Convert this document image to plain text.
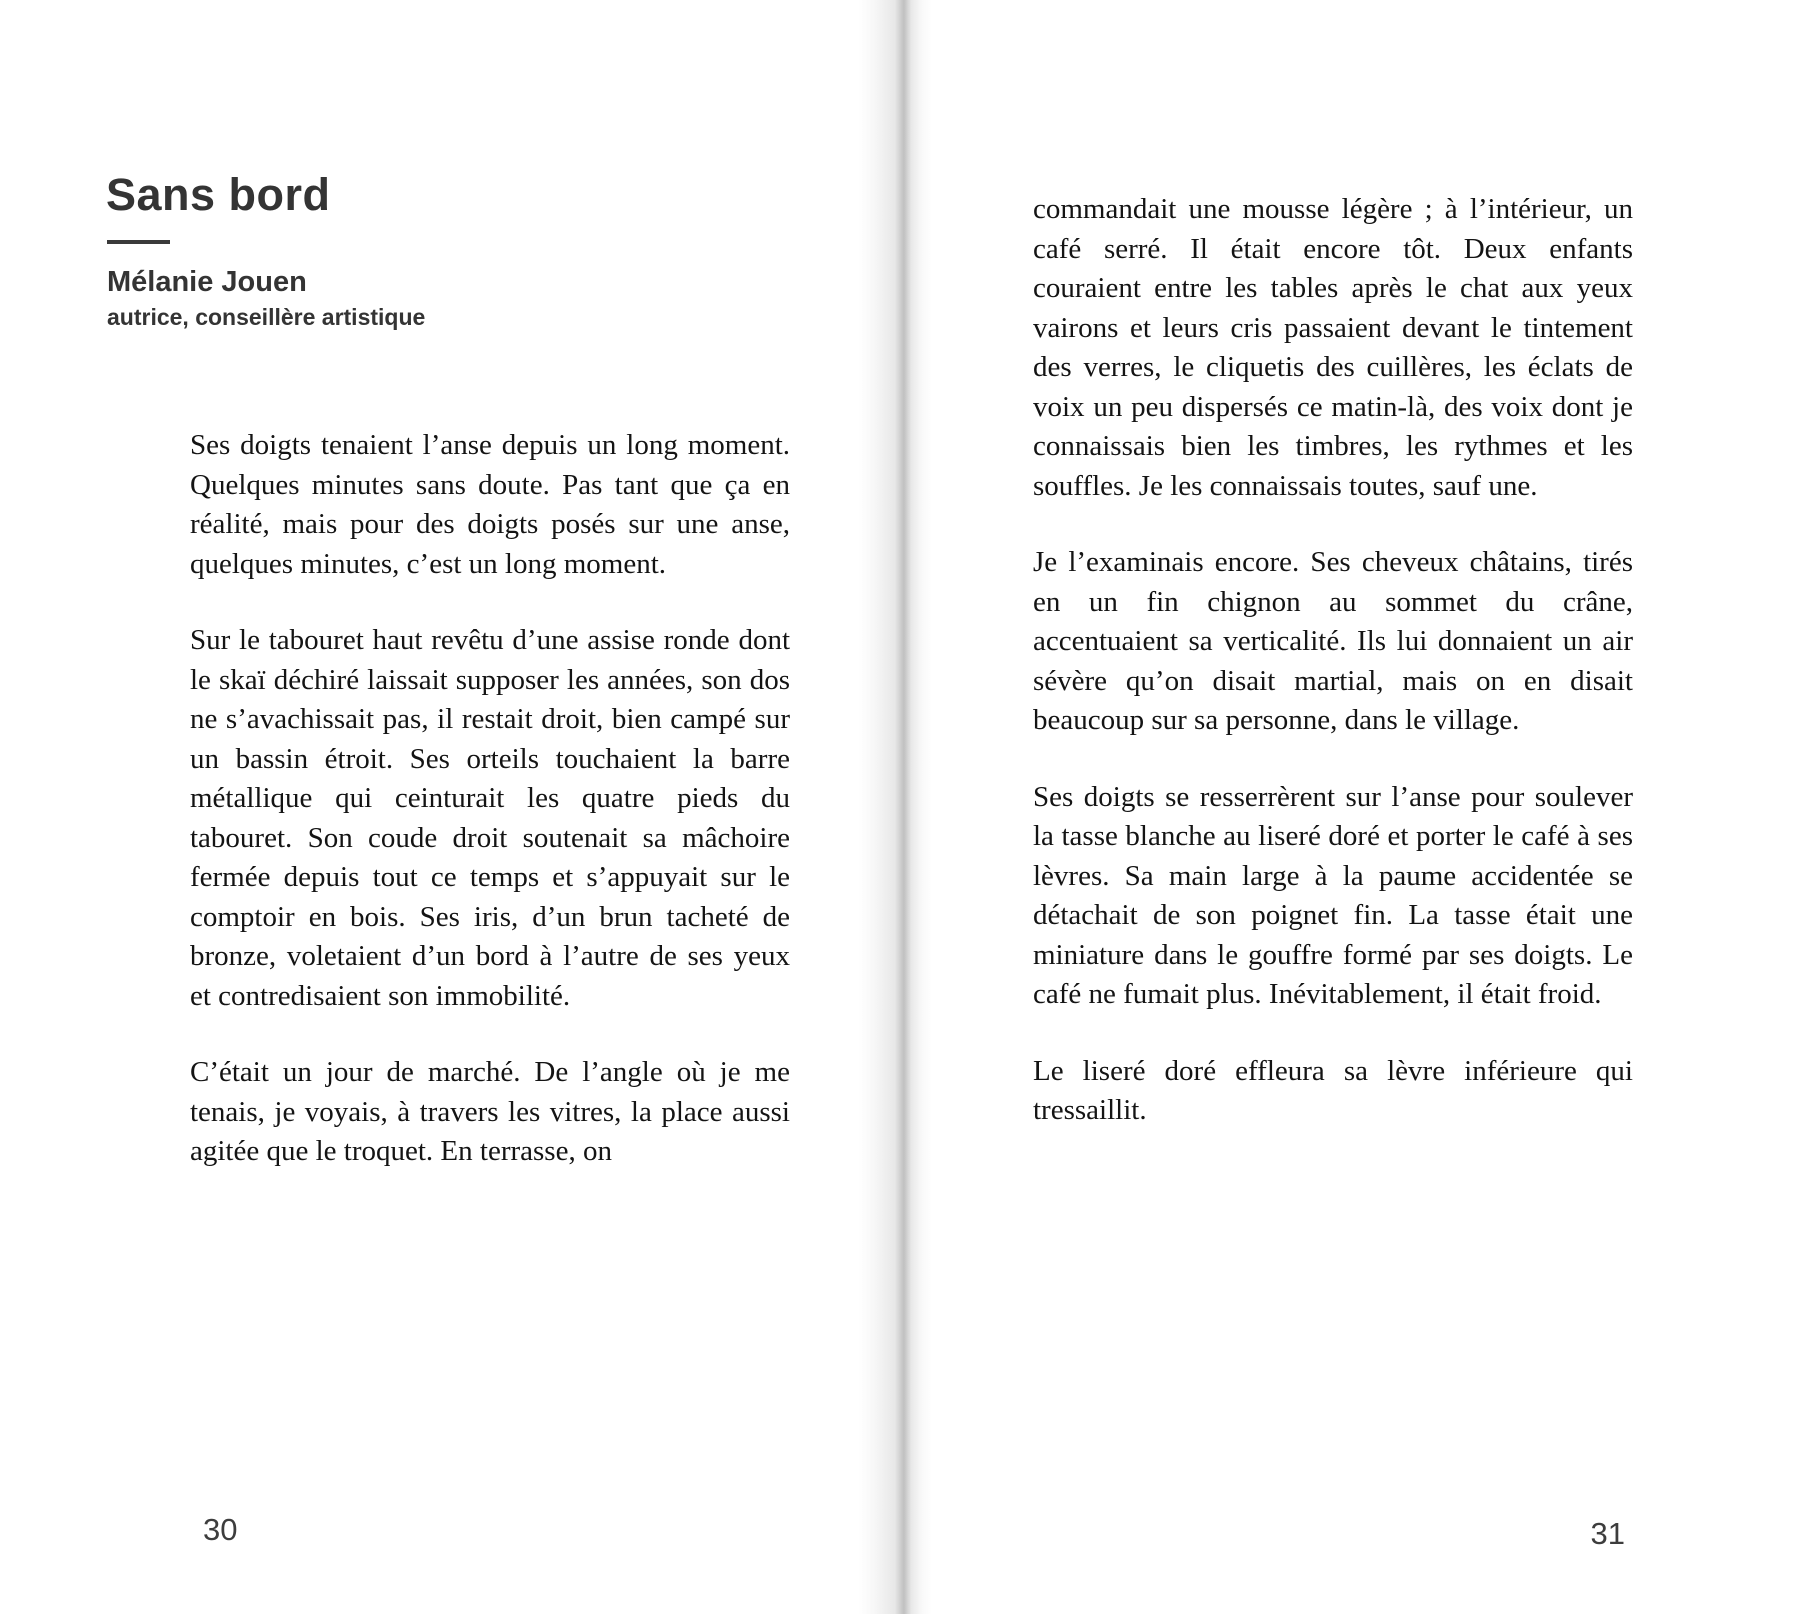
Sans bord

Mélanie Jouen

autrice, conseillère artistique

Ses doigts tenaient l’anse depuis un long moment. Quelques minutes sans doute. Pas tant que ça en réalité, mais pour des doigts posés sur une anse, quelques minutes, c’est un long moment.

Sur le tabouret haut revêtu d’une assise ronde dont le skaï déchiré laissait supposer les années, son dos ne s’avachissait pas, il restait droit, bien campé sur un bassin étroit. Ses orteils touchaient la barre métallique qui ceinturait les quatre pieds du tabouret. Son coude droit soutenait sa mâchoire fermée depuis tout ce temps et s’appuyait sur le comptoir en bois. Ses iris, d’un brun tacheté de bronze, voletaient d’un bord à l’autre de ses yeux et contredisaient son immobilité.

C’était un jour de marché. De l’angle où je me tenais, je voyais, à travers les vitres, la place aussi agitée que le troquet. En terrasse, on

30

commandait une mousse légère ; à l’intérieur, un café serré. Il était encore tôt. Deux enfants couraient entre les tables après le chat aux yeux vairons et leurs cris passaient devant le tintement des verres, le cliquetis des cuillères, les éclats de voix un peu dispersés ce matin-là, des voix dont je connaissais bien les timbres, les rythmes et les souffles. Je les connaissais toutes, sauf une.

Je l’examinais encore. Ses cheveux châtains, tirés en un fin chignon au sommet du crâne, accentuaient sa verticalité. Ils lui donnaient un air sévère qu’on disait martial, mais on en disait beaucoup sur sa personne, dans le village.

Ses doigts se resserrèrent sur l’anse pour soulever la tasse blanche au liseré doré et porter le café à ses lèvres. Sa main large à la paume accidentée se détachait de son poignet fin. La tasse était une miniature dans le gouffre formé par ses doigts. Le café ne fumait plus. Inévitablement, il était froid.

Le liseré doré effleura sa lèvre inférieure qui tressaillit.

31
